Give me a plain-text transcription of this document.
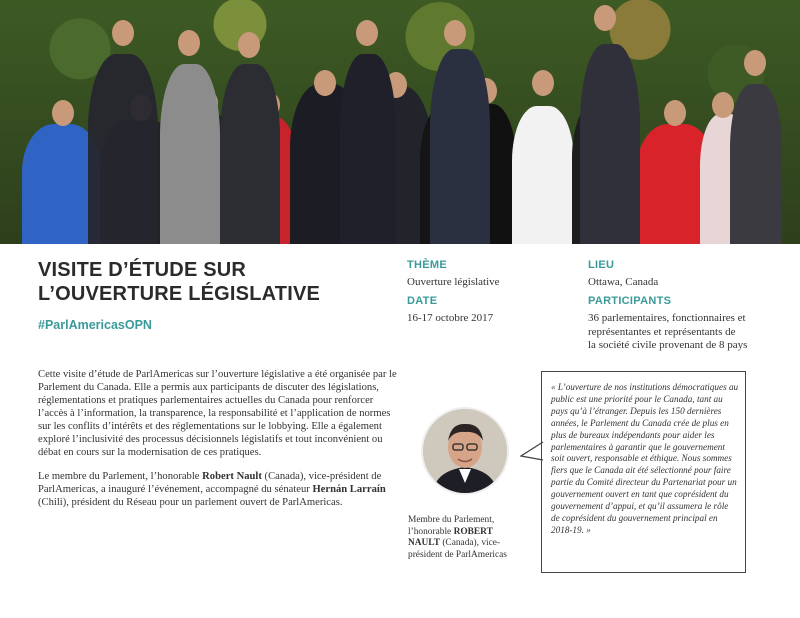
VISITE D’ÉTUDE SUR
L’OUVERTURE LÉGISLATIVE
#ParlAmericasOPN
THÈME
Ouverture législative
DATE
16-17 octobre 2017
LIEU
Ottawa, Canada
PARTICIPANTS
36 parlementaires, fonctionnaires et
représentantes et représentants de
la société civile provenant de 8 pays

Cette visite d’étude de ParlAmericas sur l’ouverture législative a été organisée par le Parlement du Canada. Elle a permis aux participants de discuter des législations, réglementations et pratiques parlementaires actuelles du Canada pour renforcer l’accès à l’information, la transparence, la responsabilité et l’application de normes sur les conflits d’intérêts et des réglementations sur le lobbying. Elle a également exploré l’inclusivité des processus décisionnels législatifs et tout inconvénient ou débat en cours sur la modernisation de ces pratiques.

Le membre du Parlement, l’honorable Robert Nault (Canada), vice-président de ParlAmericas, a inauguré l’événement, accompagné du sénateur Hernán Larraín (Chili), président du Réseau pour un parlement ouvert de ParlAmericas.

Membre du Parlement, l’honorable ROBERT NAULT (Canada), vice-président de ParlAmericas
« L’ouverture de nos institutions démocratiques au public est une priorité pour le Canada, tant au pays qu’à l’étranger. Depuis les 150 dernières années, le Parlement du Canada crée de plus en plus de bureaux indépendants pour aider les parlementaires à garantir que le gouvernement soit ouvert, responsable et éthique. Nous sommes fiers que le Canada ait été sélectionné pour faire partie du Comité directeur du Partenariat pour un gouvernement ouvert en tant que coprésident du gouvernement d’appui, et qu’il assumera le rôle de coprésident du gouvernement principal en 2018-19. »
